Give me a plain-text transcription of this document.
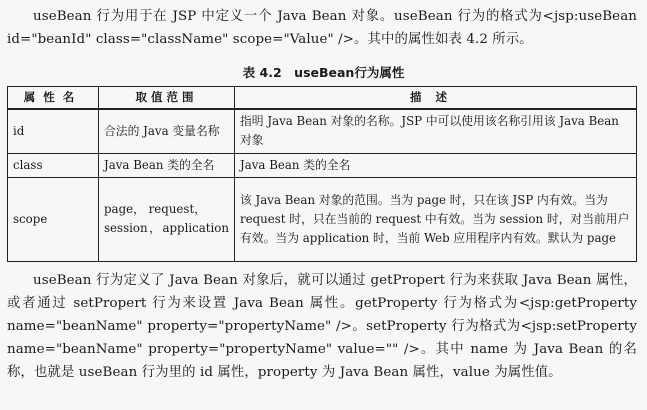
useBean 行为用于在 JSP 中定义一个 Java Bean 对象。useBean 行为的格式为<jsp:useBean id="beanId" class="className" scope="Value" />。其中的属性如表 4.2 所示。

表 4.2　useBean行为属性
属性名	取值范围	描述
id	合法的 Java 变量名称	指明 Java Bean 对象的名称。JSP 中可以使用该名称引用该 Java Bean 对象
class	Java Bean 类的全名	Java Bean 类的全名
scope	page， request， session，application	该 Java Bean 对象的范围。当为 page 时，只在该 JSP 内有效。当为 request 时，只在当前的 request 中有效。当为 session 时，对当前用户有效。当为 application 时，当前 Web 应用程序内有效。默认为 page

useBean 行为定义了 Java Bean 对象后，就可以通过 getPropert 行为来获取 Java Bean 属性，或者通过 setPropert 行为来设置 Java Bean 属性。getProperty 行为格式为<jsp:getProperty name="beanName" property="propertyName" />。setProperty 行为格式为<jsp:setProperty name="beanName" property="propertyName" value="" />。其中 name 为 Java Bean 的名称，也就是 useBean 行为里的 id 属性，property 为 Java Bean 属性，value 为属性值。
